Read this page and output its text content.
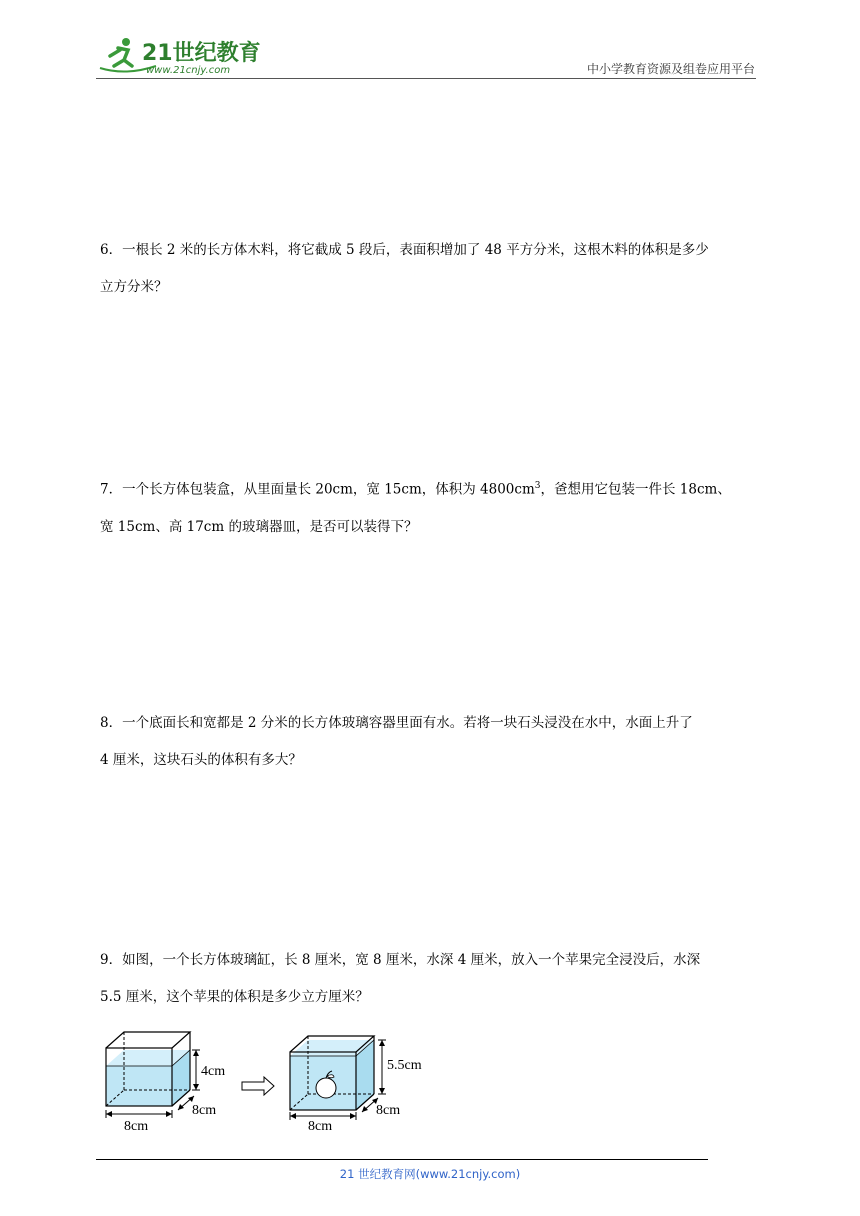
21世纪教育
www.21cnjy.com	中小学教育资源及组卷应用平台

6．一根长 2 米的长方体木料，将它截成 5 段后，表面积增加了 48 平方分米，这根木料的体积是多少

立方分米？

7．一个长方体包装盒，从里面量长 20cm，宽 15cm，体积为 $4800cm^3$，爸想用它包装一件长 18cm、

宽 15cm、高 17cm 的玻璃器皿，是否可以装得下？

8．一个底面长和宽都是 2 分米的长方体玻璃容器里面有水。若将一块石头浸没在水中，水面上升了

4 厘米，这块石头的体积有多大？

9．如图，一个长方体玻璃缸，长 8 厘米，宽 8 厘米，水深 4 厘米，放入一个苹果完全浸没后，水深

5.5 厘米，这个苹果的体积是多少立方厘米？

4cm
8cm
8cm
5.5cm
8cm
8cm
21 世纪教育网(www.21cnjy.com)
